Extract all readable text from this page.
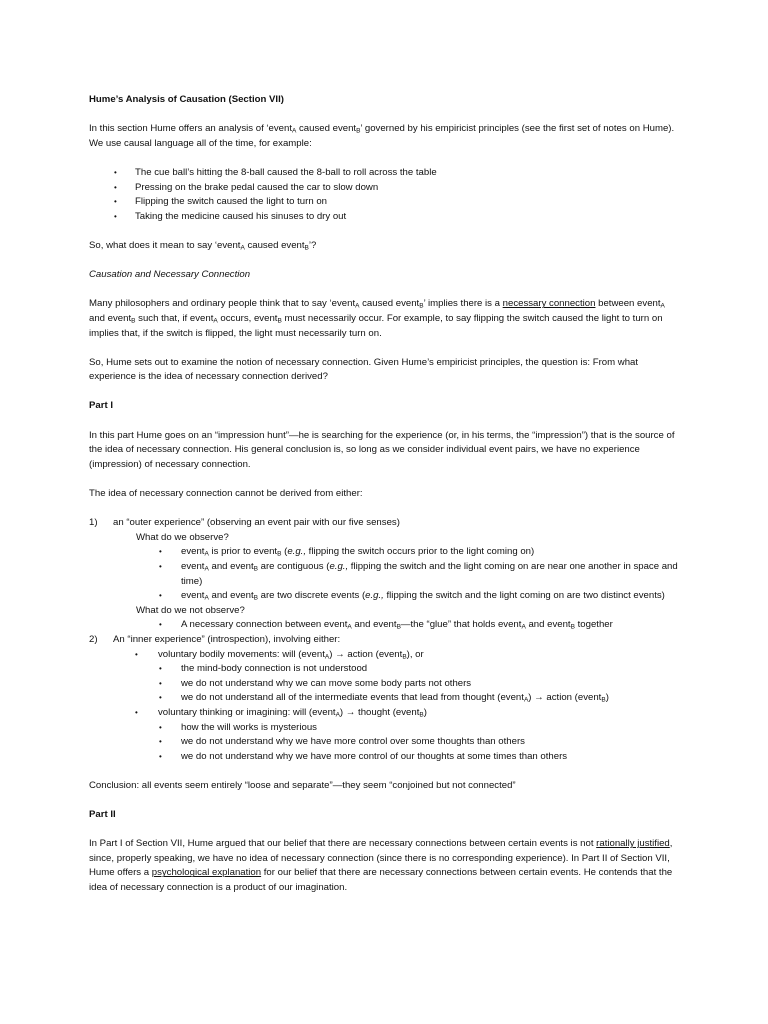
Hume’s Analysis of Causation (Section VII)

In this section Hume offers an analysis of ‘event$_A$ caused event$_B$’ governed by his empiricist principles (see the first set of notes on Hume). We use causal language all of the time, for example:

• The cue ball’s hitting the 8-ball caused the 8-ball to roll across the table
• Pressing on the brake pedal caused the car to slow down
• Flipping the switch caused the light to turn on
• Taking the medicine caused his sinuses to dry out

So, what does it mean to say ‘event$_A$ caused event$_B$’?

Causation and Necessary Connection

Many philosophers and ordinary people think that to say ‘event$_A$ caused event$_B$’ implies there is a necessary connection between event$_A$ and event$_B$ such that, if event$_A$ occurs, event$_B$ must necessarily occur. For example, to say flipping the switch caused the light to turn on implies that, if the switch is flipped, the light must necessarily turn on.

So, Hume sets out to examine the notion of necessary connection. Given Hume’s empiricist principles, the question is: From what experience is the idea of necessary connection derived?

Part I

In this part Hume goes on an “impression hunt”—he is searching for the experience (or, in his terms, the “impression”) that is the source of the idea of necessary connection. His general conclusion is, so long as we consider individual event pairs, we have no experience (impression) of necessary connection.

The idea of necessary connection cannot be derived from either:

1) an “outer experience” (observing an event pair with our five senses)
What do we observe?
• event$_A$ is prior to event$_B$ (e.g., flipping the switch occurs prior to the light coming on)
• event$_A$ and event$_B$ are contiguous (e.g., flipping the switch and the light coming on are near one another in space and time)
• event$_A$ and event$_B$ are two discrete events (e.g., flipping the switch and the light coming on are two distinct events)
What do we not observe?
• A necessary connection between event$_A$ and event$_B$—the “glue” that holds event$_A$ and event$_B$ together
2) An “inner experience” (introspection), involving either:
• voluntary bodily movements: will (event$_A$) → action (event$_B$), or
• the mind-body connection is not understood
• we do not understand why we can move some body parts not others
• we do not understand all of the intermediate events that lead from thought (event$_A$) → action (event$_B$)
• voluntary thinking or imagining: will (event$_A$) → thought (event$_B$)
• how the will works is mysterious
• we do not understand why we have more control over some thoughts than others
• we do not understand why we have more control of our thoughts at some times than others

Conclusion: all events seem entirely “loose and separate”—they seem “conjoined but not connected”

Part II

In Part I of Section VII, Hume argued that our belief that there are necessary connections between certain events is not rationally justified, since, properly speaking, we have no idea of necessary connection (since there is no corresponding experience). In Part II of Section VII, Hume offers a psychological explanation for our belief that there are necessary connections between certain events. He contends that the idea of necessary connection is a product of our imagination.
